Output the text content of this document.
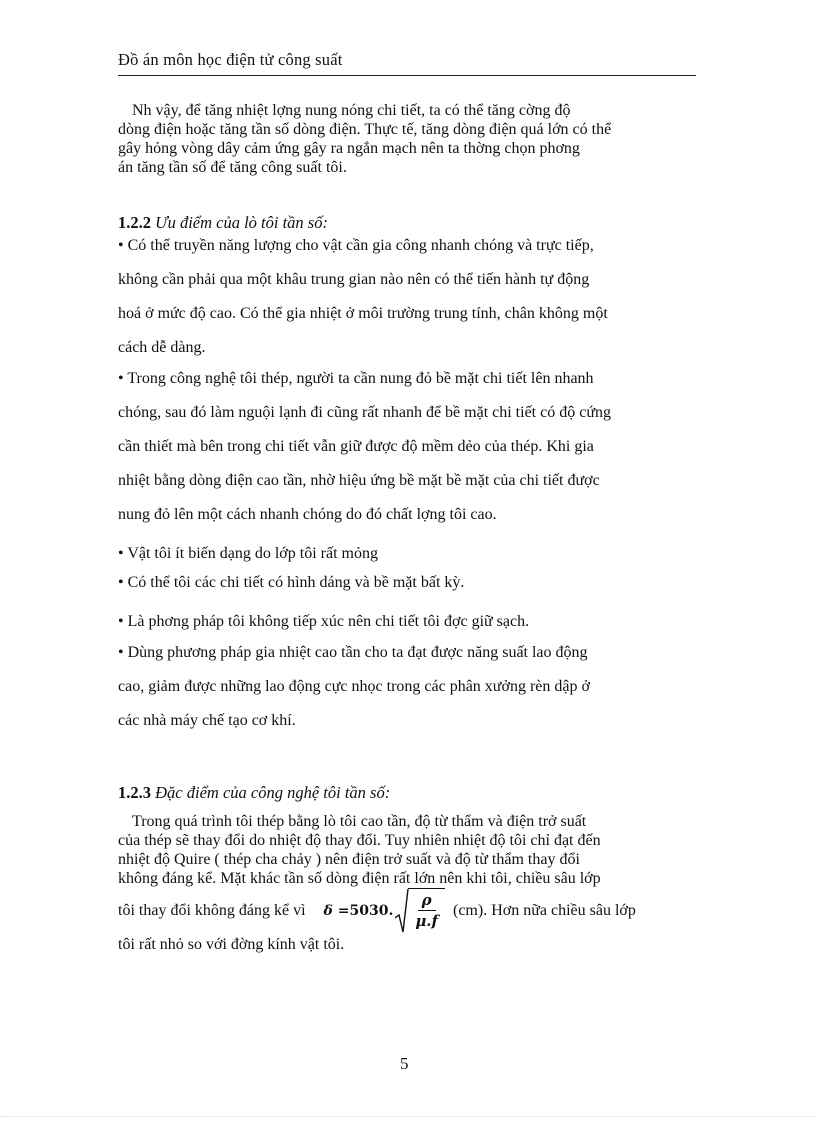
Đồ án môn học điện tử công suất
Nh vậy, để tăng nhiệt lợng nung nóng chi tiết, ta có thể tăng cờng độ
dòng điện hoặc tăng tần số dòng điện. Thực tế, tăng dòng điện quá lớn có thể
gây hỏng vòng dây cảm ứng gây ra ngắn mạch nên ta thờng chọn phơng
án tăng tần số để tăng công suất tôi.
1.2.2 Ưu điểm của lò tôi tần số:
• Có thể truyền năng lượng cho vật cần gia công nhanh chóng và trực tiếp,
không cần phải qua một khâu trung gian nào nên có thể tiến hành tự động
hoá ở mức độ cao. Có thể gia nhiệt ở môi trường trung tính, chân không một
cách dễ dàng.
• Trong công nghệ tôi thép, người ta cần nung đỏ bề mặt chi tiết lên nhanh
chóng, sau đó làm nguội lạnh đi cũng rất nhanh để bề mặt chi tiết có độ cứng
cần thiết mà bên trong chi tiết vẫn giữ được độ mềm dẻo của thép. Khi gia
nhiệt bằng dòng điện cao tần, nhờ hiệu ứng bề mặt bề mặt của chi tiết được
nung đỏ lên một cách nhanh chóng do đó chất lợng tôi cao.
• Vật tôi ít biến dạng do lớp tôi rất mỏng
• Có thể tôi các chi tiết có hình dáng và bề mặt bất kỳ.
• Là phơng pháp tôi không tiếp xúc nên chi tiết tôi đợc giữ sạch.
• Dùng phương pháp gia nhiệt cao tần cho ta đạt được năng suất lao động
cao, giảm được những lao động cực nhọc trong các phân xưởng rèn dập ở
các nhà máy chế tạo cơ khí.
1.2.3 Đặc điểm của công nghệ tôi tần số:
Trong quá trình tôi thép bằng lò tôi cao tần, độ từ thẩm và điện trở suất
của thép sẽ thay đổi do nhiệt độ thay đổi. Tuy nhiên nhiệt độ tôi chỉ đạt đến
nhiệt độ Quire ( thép cha chảy ) nên điện trở suất và độ từ thẩm thay đổi
không đáng kể. Mặt khác tần số dòng điện rất lớn nên khi tôi, chiều sâu lớp
tôi thay đổi không đáng kể vì δ = 5030. $\frac{\rho}{\mu.f} (cm)$. Hơn nữa chiều sâu lớp
tôi rất nhỏ so với đờng kính vật tôi.
5
